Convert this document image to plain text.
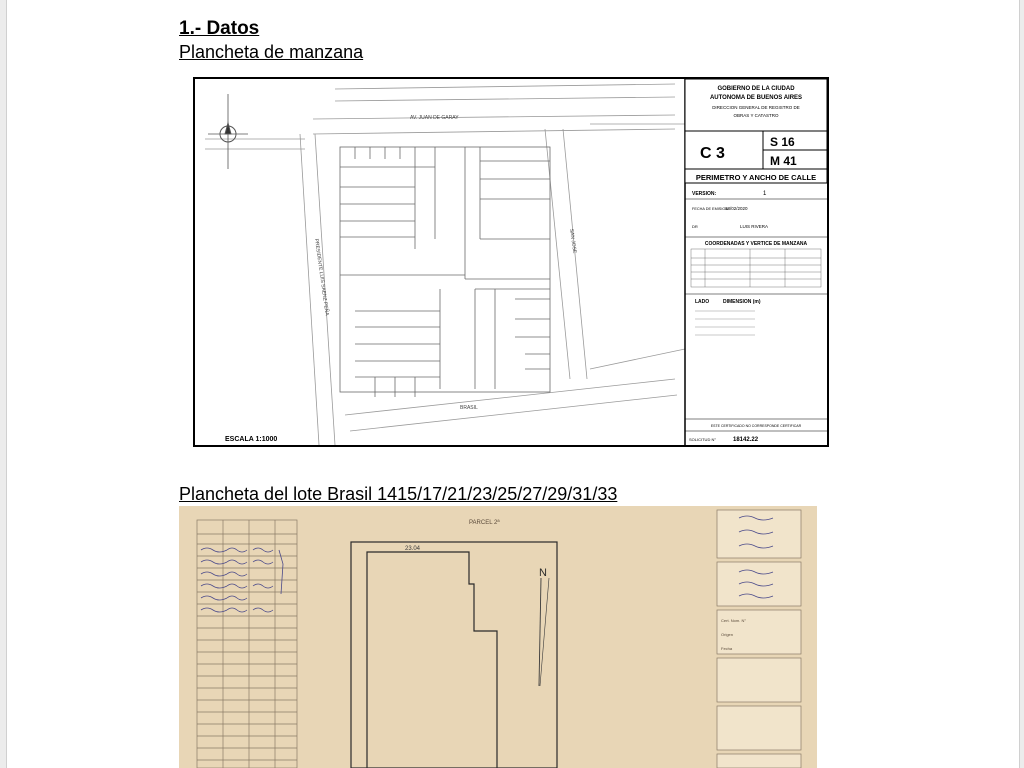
1.- Datos
Plancheta de manzana
AV. JUAN DE GARAY
BRASIL
PRESIDENTE LUIS SAENZ PEÑA	SAN JOSE
ESCALA 1:1000
GOBIERNO DE LA CIUDAD
AUTONOMA DE BUENOS AIRES
DIRECCION GENERAL DE REGISTRO DE
OBRAS Y CATASTRO
C 3
S 16
M 41
PERIMETRO Y ANCHO DE CALLE
VERSION:	1
FECHA DE EMISION:
18/02/2020
DR	LUIS RIVERA
COORDENADAS Y VERTICE DE MANZANA
LADO	DIMENSION (m)
ESTE CERTIFICADO NO CORRESPONDE CERTIFICAR
SOLICITUD N°	18142.22
Plancheta del lote Brasil 1415/17/21/23/25/27/29/31/33
PARCEL 2ª
23.04
N
Cert. Nom. N°
Origen
Fecha
